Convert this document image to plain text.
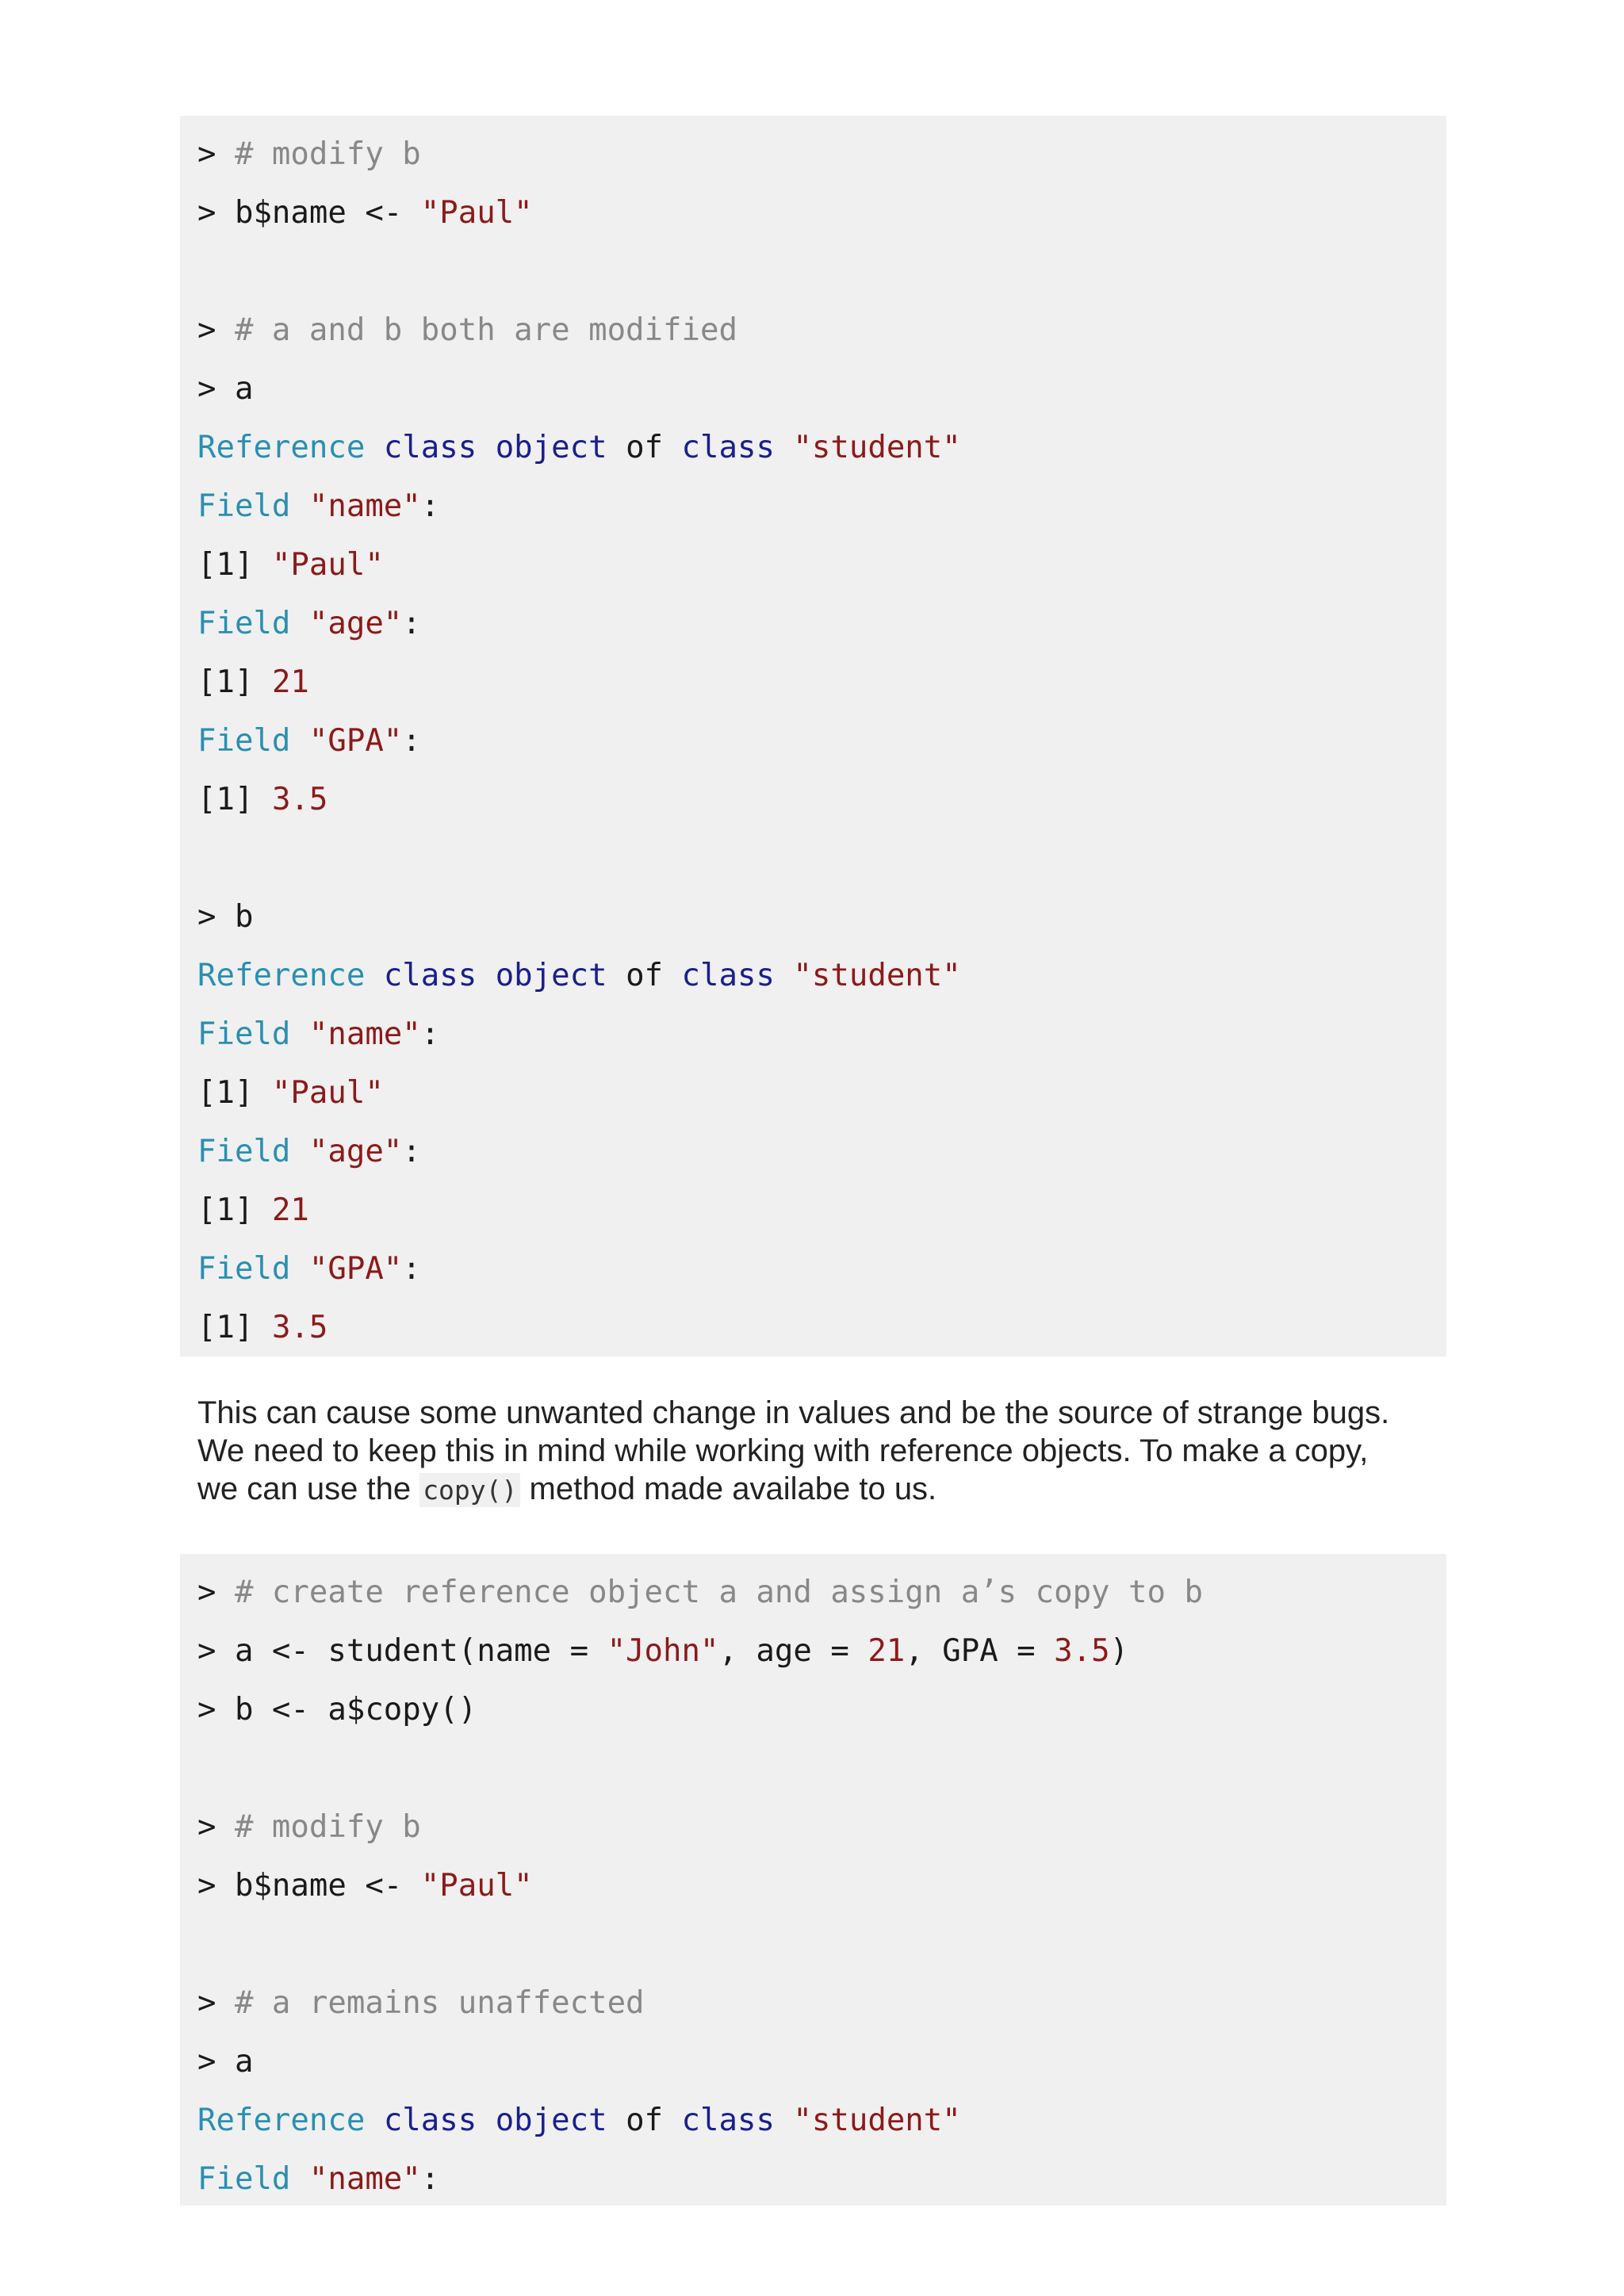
> # modify b
> b$name <- "Paul"
> # a and b both are modified
> a
Reference class object of class "student"
Field "name":
[1] "Paul"
Field "age":
[1] 21
Field "GPA":
[1] 3.5
> b
Reference class object of class "student"
Field "name":
[1] "Paul"
Field "age":
[1] 21
Field "GPA":
[1] 3.5

This can cause some unwanted change in values and be the source of strange bugs.

We need to keep this in mind while working with reference objects. To make a copy,

we can use the copy() method made availabe to us.

> # create reference object a and assign a’s copy to b
> a <- student(name = "John", age = 21, GPA = 3.5)
> b <- a$copy()
> # modify b
> b$name <- "Paul"
> # a remains unaffected
> a
Reference class object of class "student"
Field "name":
